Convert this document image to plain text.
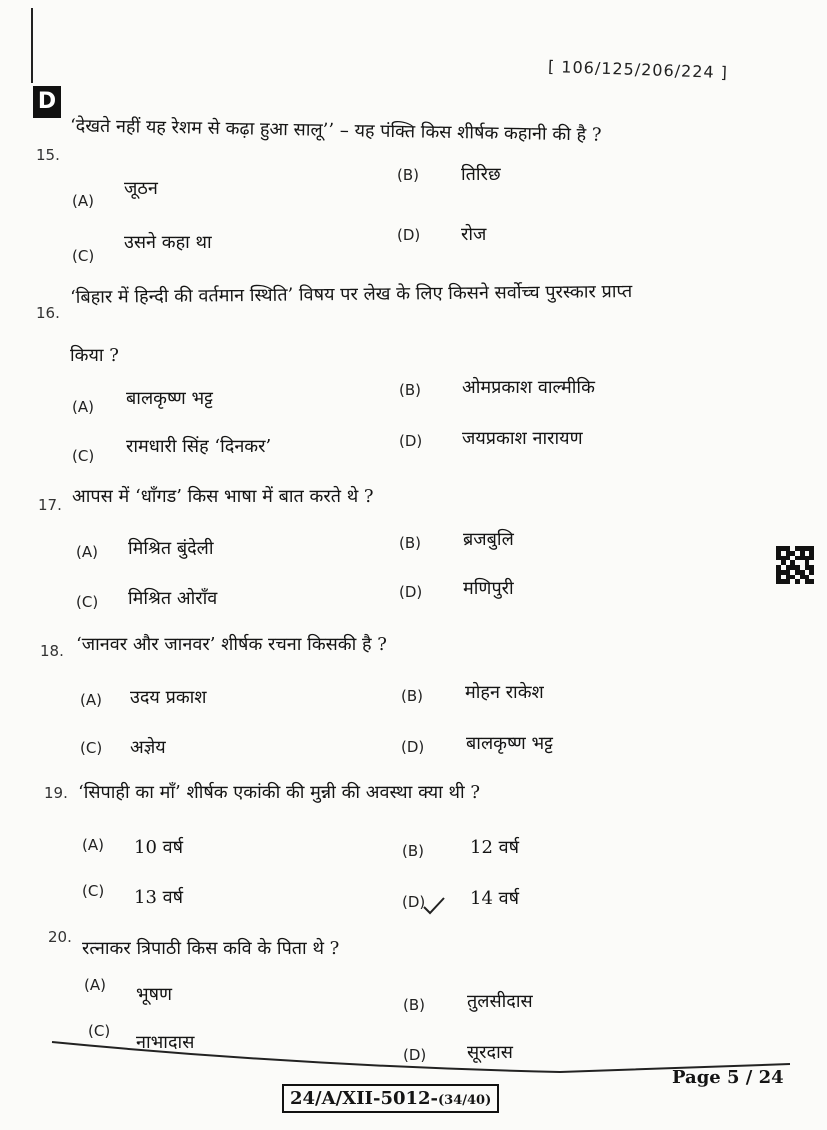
D
[ 106/125/206/224 ]
15.
‘देखते नहीं यह रेशम से कढ़ा हुआ सालू’’ – यह पंक्ति किस शीर्षक कहानी की है ?
(A)
जूठन
(B) तिरिछ
(C)
उसने कहा था	(D) रोज
16.
‘बिहार में हिन्दी की वर्तमान स्थिति’ विषय पर लेख के लिए किसने सर्वोच्च पुरस्कार प्राप्त
किया ?
(A) बालकृष्ण भट्ट	(B) ओमप्रकाश वाल्मीकि
(C) रामधारी सिंह ‘दिनकर’	(D) जयप्रकाश नारायण
17. आपस में ‘धाँगड’ किस भाषा में बात करते थे ?
(A) मिश्रित बुंदेली	(B) ब्रजबुलि
(C) मिश्रित ओराँव	(D) मणिपुरी
18. ‘जानवर और जानवर’ शीर्षक रचना किसकी है ?
(A) उदय प्रकाश	(B) मोहन राकेश
(C) अज्ञेय	(D) बालकृष्ण भट्ट
19. ‘सिपाही का माँ’ शीर्षक एकांकी की मुन्नी की अवस्था क्या थी ?
(A) 10 वर्ष	(B)	12 वर्ष
(C) 13 वर्ष	(D) 14 वर्ष
20.
रत्नाकर त्रिपाठी किस कवि के पिता थे ?
(A) भूषण	(B) तुलसीदास
(C)
नाभादास
(D) सूरदास
24/A/XII-5012-(34/40)
Page 5 / 24
